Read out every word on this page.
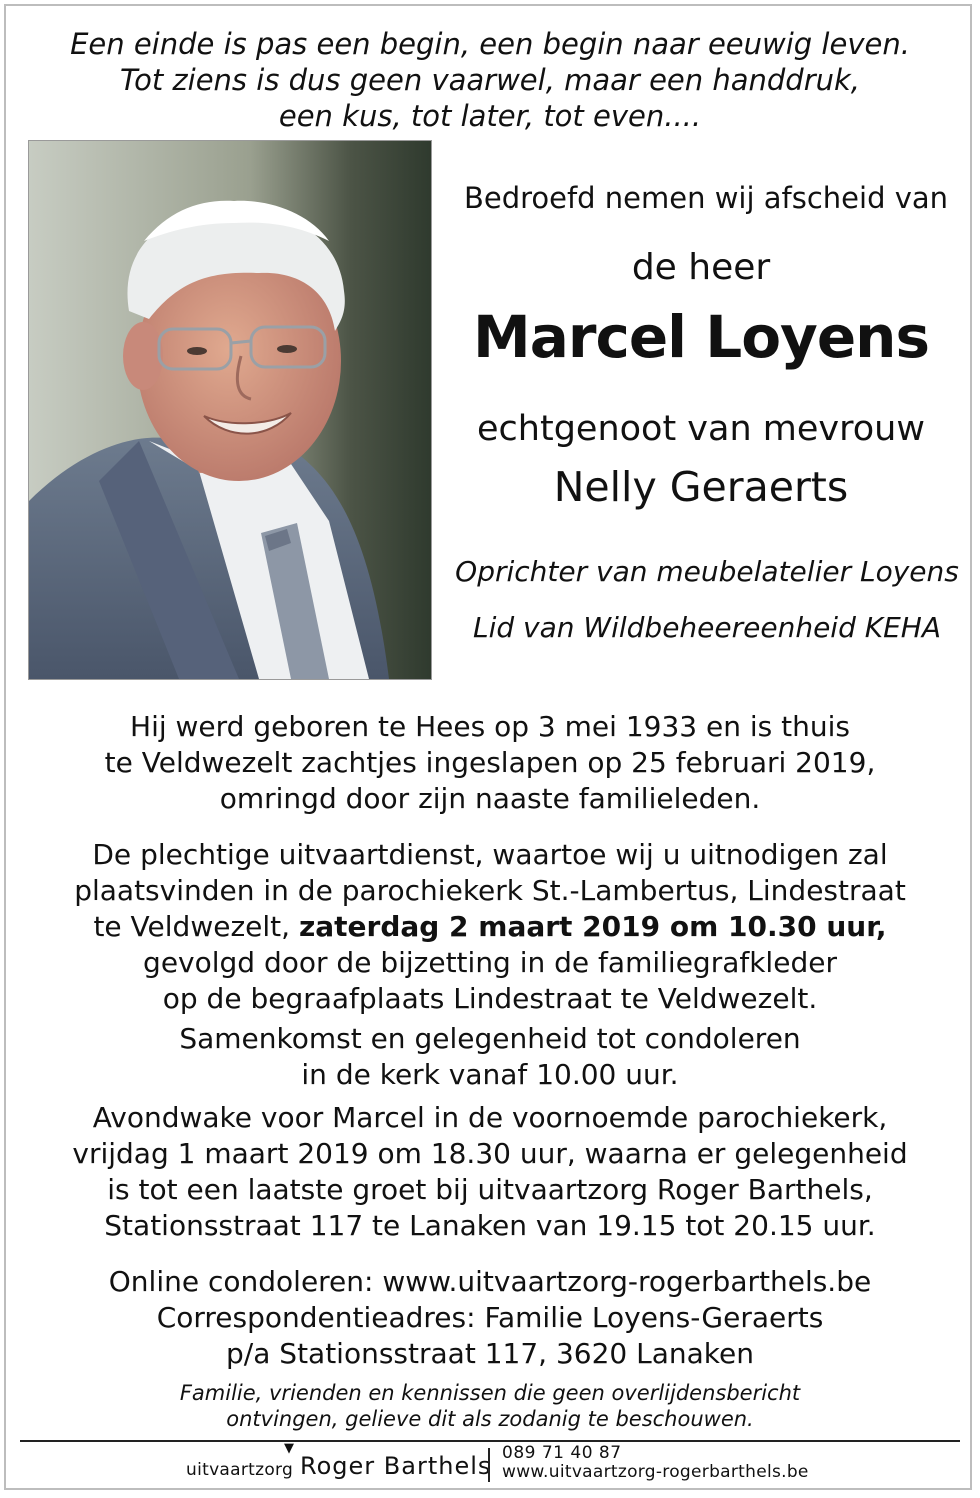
Een einde is pas een begin, een begin naar eeuwig leven.
Tot ziens is dus geen vaarwel, maar een handdruk,
een kus, tot later, tot even....
Bedroefd nemen wij afscheid van
de heer
Marcel Loyens
echtgenoot van mevrouw
Nelly Geraerts
Oprichter van meubelatelier Loyens
Lid van Wildbeheereenheid KEHA
Hij werd geboren te Hees op 3 mei 1933 en is thuis
te Veldwezelt zachtjes ingeslapen op 25 februari 2019,
omringd door zijn naaste familieleden.
De plechtige uitvaartdienst, waartoe wij u uitnodigen zal
plaatsvinden in de parochiekerk St.-Lambertus, Lindestraat
te Veldwezelt, zaterdag 2 maart 2019 om 10.30 uur,
gevolgd door de bijzetting in de familiegrafkleder
op de begraafplaats Lindestraat te Veldwezelt.
Samenkomst en gelegenheid tot condoleren
in de kerk vanaf 10.00 uur.
Avondwake voor Marcel in de voornoemde parochiekerk,
vrijdag 1 maart 2019 om 18.30 uur, waarna er gelegenheid
is tot een laatste groet bij uitvaartzorg Roger Barthels,
Stationsstraat 117 te Lanaken van 19.15 tot 20.15 uur.
Online condoleren: www.uitvaartzorg-rogerbarthels.be
Correspondentieadres: Familie Loyens-Geraerts
p/a Stationsstraat 117, 3620 Lanaken
Familie, vrienden en kennissen die geen overlijdensbericht
ontvingen, gelieve dit als zodanig te beschouwen.
uitvaartzorg
▼
Roger Barthels 089 71 40 87
www.uitvaartzorg-rogerbarthels.be
